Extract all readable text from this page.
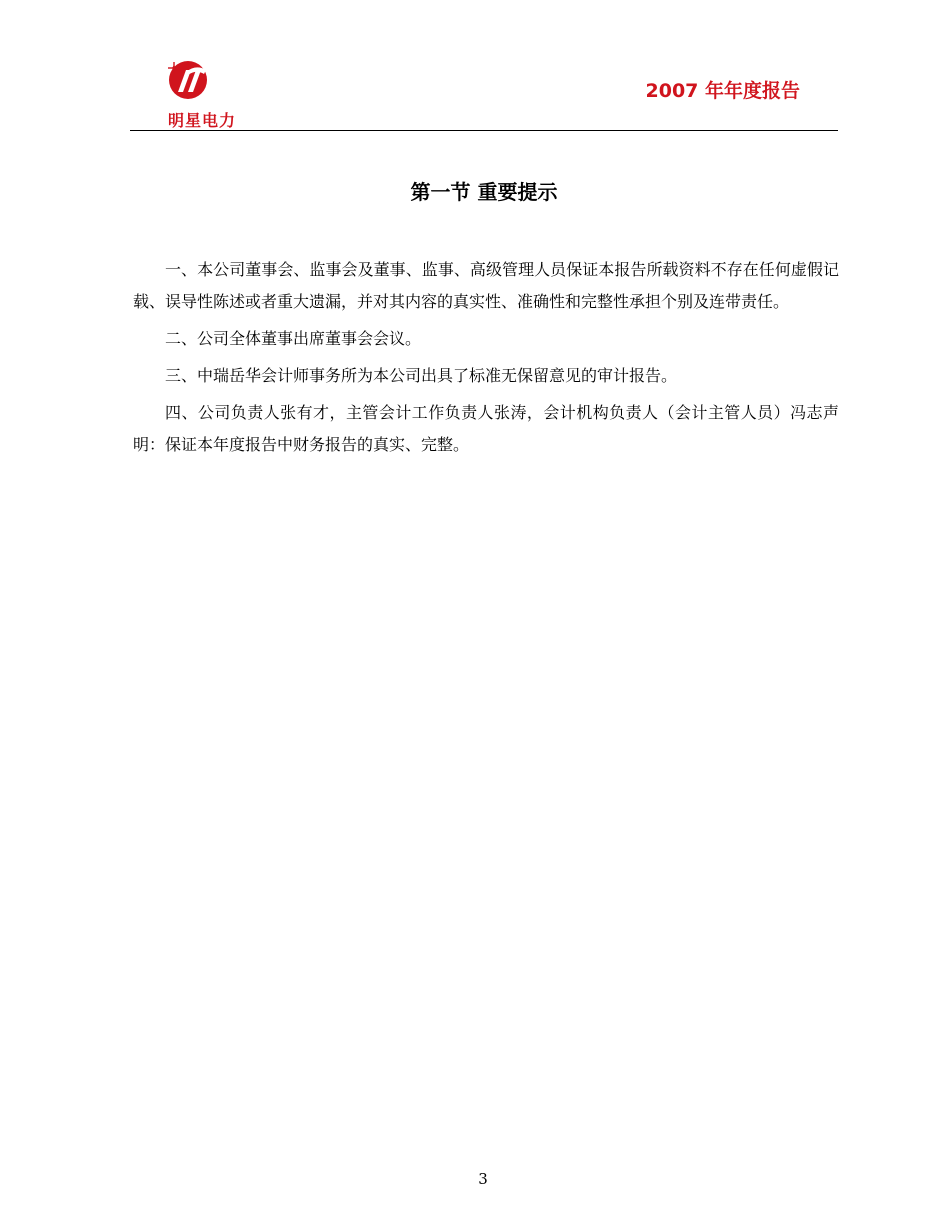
明星电力
2007 年年度报告
第一节 重要提示

一、本公司董事会、监事会及董事、监事、高级管理人员保证本报告所载资料不存在任何虚假记载、误导性陈述或者重大遗漏，并对其内容的真实性、准确性和完整性承担个别及连带责任。

二、公司全体董事出席董事会会议。

三、中瑞岳华会计师事务所为本公司出具了标准无保留意见的审计报告。

四、公司负责人张有才，主管会计工作负责人张涛，会计机构负责人（会计主管人员）冯志声明：保证本年度报告中财务报告的真实、完整。

3
